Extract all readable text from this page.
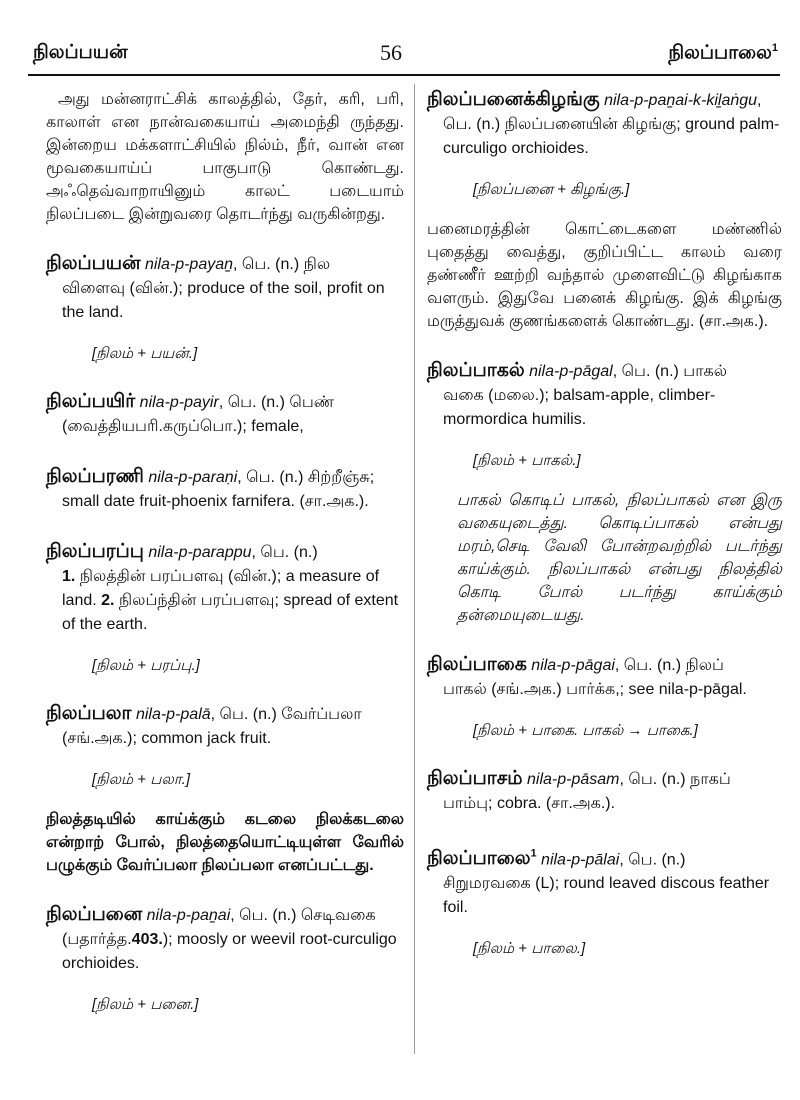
நிலப்பயன்	56	நிலப்பாலை$^1$

அது மன்னராட்சிக் காலத்தில், தேர், கரி, பரி, காலாள் என நான்வகையாய் அமைந்தி ருந்தது. இன்றைய மக்களாட்சியில் நில்ம், நீர், வான் என மூவகையாய்ப் பாகுபாடு கொண்டது. அஃதெவ்வாறாயினும் காலட் படையாம் நிலப்படை இன்றுவரை தொடர்ந்து வருகின்றது.

நிலப்பயன் nila-p-payaṉ, பெ. (n.) நில
விளைவு (வின்.); produce of the soil, profit on the land.
[நிலம் + பயன்.]
நிலப்பயிர் nila-p-payir, பெ. (n.) பெண்
(வைத்தியபரி.கருப்பொ.); female,
நிலப்பரணி nila-p-paraṇi, பெ. (n.) சிற்றீஞ்சு;
small date fruit-phoenix farnifera. (சா.அக.).
நிலப்பரப்பு nila-p-parappu, பெ. (n.)
1. நிலத்தின் பரப்பளவு (வின்.); a measure of land. 2. நிலப்ந்தின் பரப்பளவு; spread of extent of the earth.
[நிலம் + பரப்பு.]
நிலப்பலா nila-p-palā, பெ. (n.) வேர்ப்பலா
(சங்.அக.); common jack fruit.
[நிலம் + பலா.]
நிலத்தடியில் காய்க்கும் கடலை நிலக்கடலை என்றாற் போல், நிலத்தையொட்டியுள்ள வேரில் பழுக்கும் வேர்ப்பலா நிலப்பலா எனப்பட்டது.
நிலப்பனை nila-p-paṉai, பெ. (n.) செடிவகை
(பதார்த்த.403.); moosly or weevil root-curculigo orchioides.
[நிலம் + பனை.]
நிலப்பனைக்கிழங்கு nila-p-paṉai-k-kiḻaṅgu,
பெ. (n.) நிலப்பனையின் கிழங்கு; ground palm-curculigo orchioides.
[நிலப்பனை + கிழங்கு.]
பனைமரத்தின் கொட்டைகளை மண்ணில் புதைத்து வைத்து, குறிப்பிட்ட காலம் வரை தண்ணீர் ஊற்றி வந்தால் முளைவிட்டு கிழங்காக வளரும். இதுவே பனைக் கிழங்கு. இக் கிழங்கு மருத்துவக் குணங்களைக் கொண்டது. (சா.அக.).
நிலப்பாகல் nila-p-pāgal, பெ. (n.) பாகல்
வகை (மலை.); balsam-apple, climber-mormordica humilis.
[நிலம் + பாகல்.]
பாகல் கொடிப் பாகல், நிலப்பாகல் என இரு வகையுடைத்து. கொடிப்பாகல் என்பது மரம்,செடி வேலி போன்றவற்றில் படர்ந்து காய்க்கும். நிலப்பாகல் என்பது நிலத்தில் கொடி போல் படர்ந்து காய்க்கும் தன்மையுடையது.
நிலப்பாகை nila-p-pāgai, பெ. (n.) நிலப்
பாகல் (சங்.அக.) பார்க்க,; see nila-p-pāgal.
[நிலம் + பாகை. பாகல் → பாகை.]
நிலப்பாசம் nila-p-pāsam, பெ. (n.) நாகப்
பாம்பு; cobra. (சா.அக.).
நிலப்பாலை$^1$ nila-p-pālai, பெ. (n.)
சிறுமரவகை (L); round leaved discous feather foil.
[நிலம் + பாலை.]
